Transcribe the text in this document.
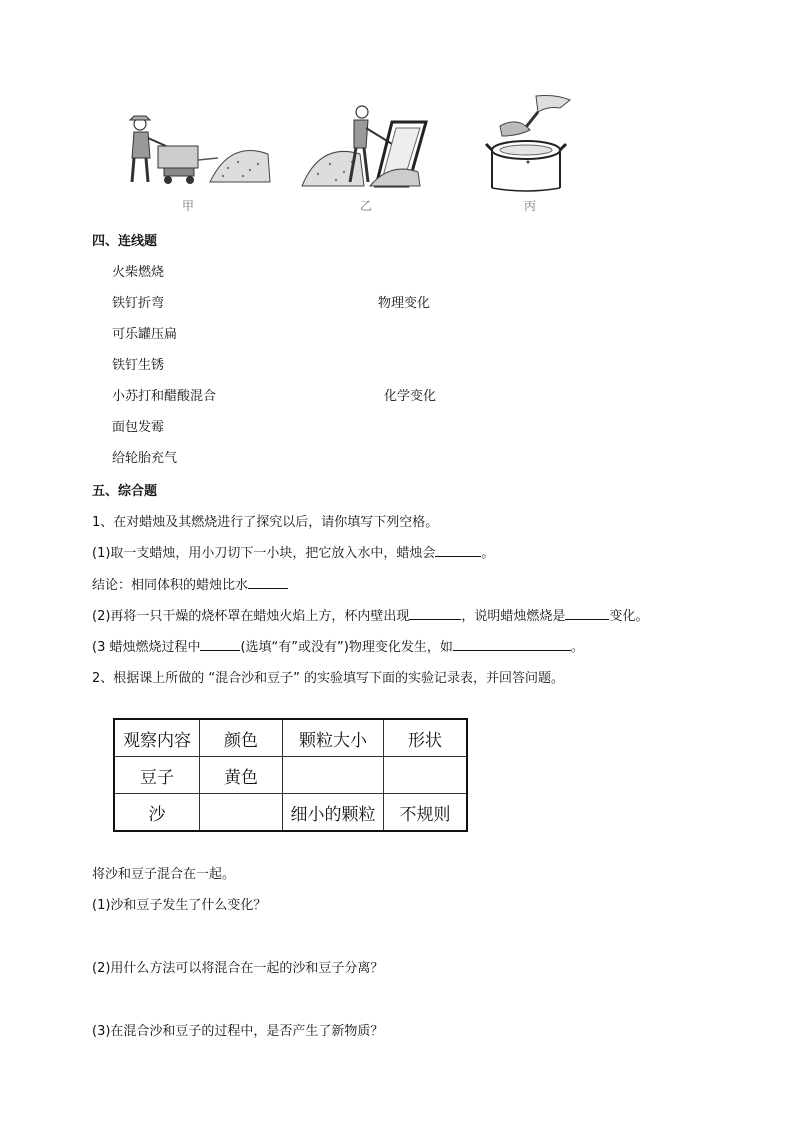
甲	乙	丙
四、连线题
火柴燃烧
铁钉折弯
可乐罐压扁
铁钉生锈
小苏打和醋酸混合
面包发霉
给轮胎充气
物理变化
化学变化
五、综合题
1、在对蜡烛及其燃烧进行了探究以后，请你填写下列空格。
(1)取一支蜡烛，用小刀切下一小块，把它放入水中，蜡烛会	。
结论：相同体积的蜡烛比水
(2)再将一只干燥的烧杯罩在蜡烛火焰上方，杯内壁出现	，说明蜡烛燃烧是	变化。
(3 蜡烛燃烧过程中	(选填“有”或没有”)物理变化发生，如	。
2、根据课上所做的 “混合沙和豆子” 的实验填写下面的实验记录表，并回答问题。
观察内容	颜色	颗粒大小	形状
豆子	黄色		
沙		细小的颗粒	不规则
将沙和豆子混合在一起。
(1)沙和豆子发生了什么变化？
(2)用什么方法可以将混合在一起的沙和豆子分离？
(3)在混合沙和豆子的过程中，是否产生了新物质？
